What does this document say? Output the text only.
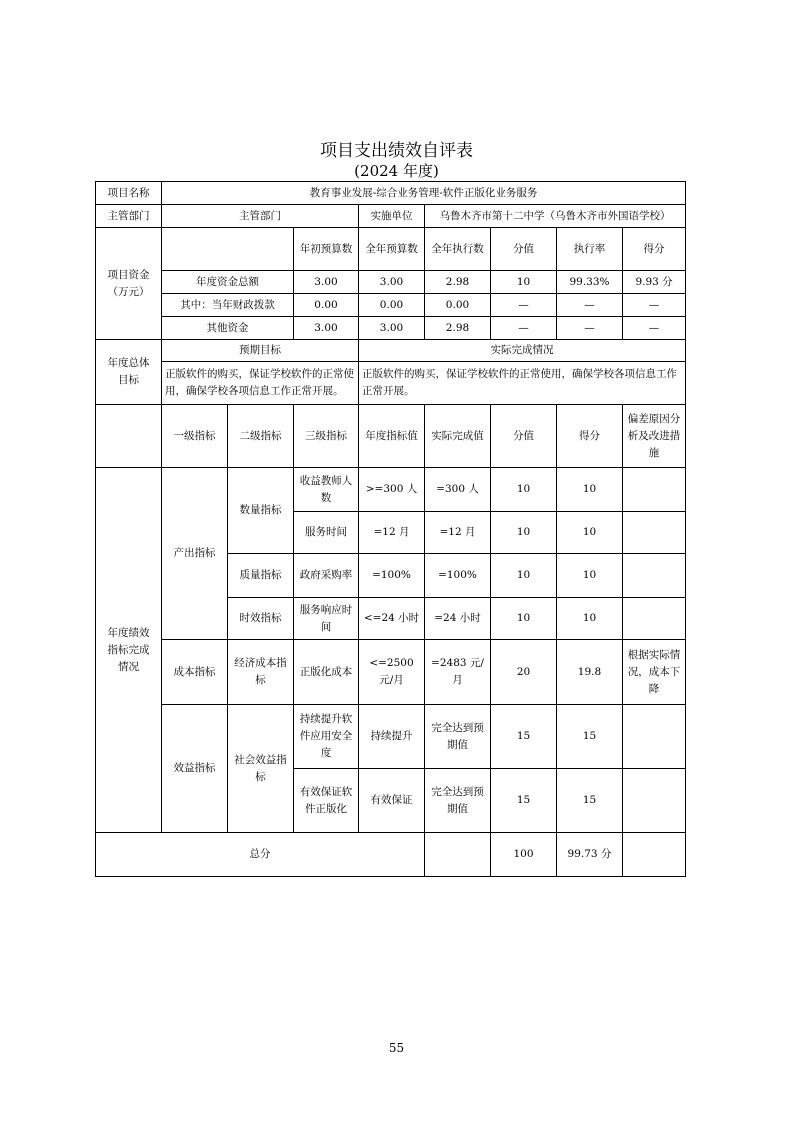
项目支出绩效自评表
(2024 年度)
项目名称	教育事业发展-综合业务管理-软件正版化业务服务							
主管部门	主管部门			实施单位	乌鲁木齐市第十二中学（乌鲁木齐市外国语学校）			
项目资金
（万元）			年初预算数	全年预算数	全年执行数	分值	执行率	得分
	年度资金总额		3.00	3.00	2.98	10	99.33%	9.93 分
	其中：当年财政拨款		0.00	0.00	0.00	—	—	—
	其他资金		3.00	3.00	2.98	—	—	—
年度总体
目标	预期目标			实际完成情况				
	正版软件的购买，保证学校软件的正常使用，确保学校各项信息工作正常开展。			正版软件的购买，保证学校软件的正常使用，确保学校各项信息工作正常开展。				
	一级指标	二级指标	三级指标	年度指标值	实际完成值	分值	得分	偏差原因分析及改进措施
年度绩效
指标完成
情况	产出指标	数量指标	收益教师人数	>=300 人	=300 人	10	10	
			服务时间	=12 月	=12 月	10	10	
		质量指标	政府采购率	=100%	=100%	10	10	
		时效指标	服务响应时间	<=24 小时	=24 小时	10	10	
	成本指标	经济成本指标	正版化成本	<=2500 元/月	=2483 元/月	20	19.8	根据实际情况，成本下降
	效益指标	社会效益指标	持续提升软件应用安全度	持续提升	完全达到预期值	15	15	
			有效保证软件正版化	有效保证	完全达到预期值	15	15	
总分						100	99.73 分	
55
